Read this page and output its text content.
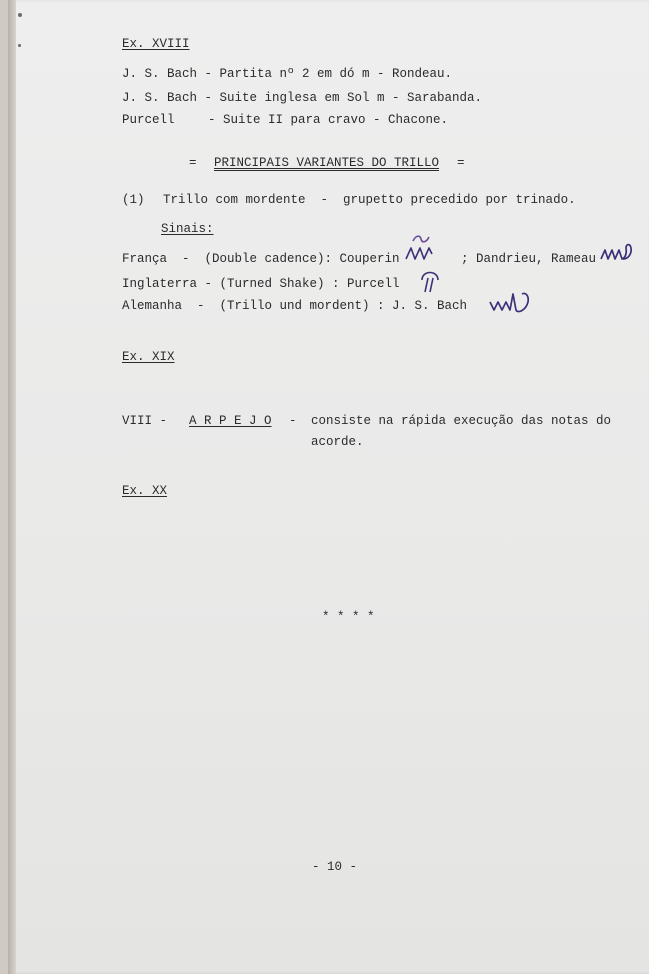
Ex. XVIII
J. S. Bach - Partita nº 2 em dó m - Rondeau.
J. S. Bach - Suite inglesa em Sol m - Sarabanda.
Purcell	- Suite II para cravo - Chacone.
= PRINCIPAIS VARIANTES DO TRILLO =
(1) Trillo com mordente  -  grupetto precedido por trinado.
Sinais:
França  -  (Double cadence): Couperin	; Dandrieu, Rameau
Inglaterra - (Turned Shake) : Purcell
Alemanha  -  (Trillo und mordent) : J. S. Bach
Ex. XIX
VIII - A R P E J O - consiste na rápida execução das notas do
acorde.
Ex. XX
* * * *
- 10 -
